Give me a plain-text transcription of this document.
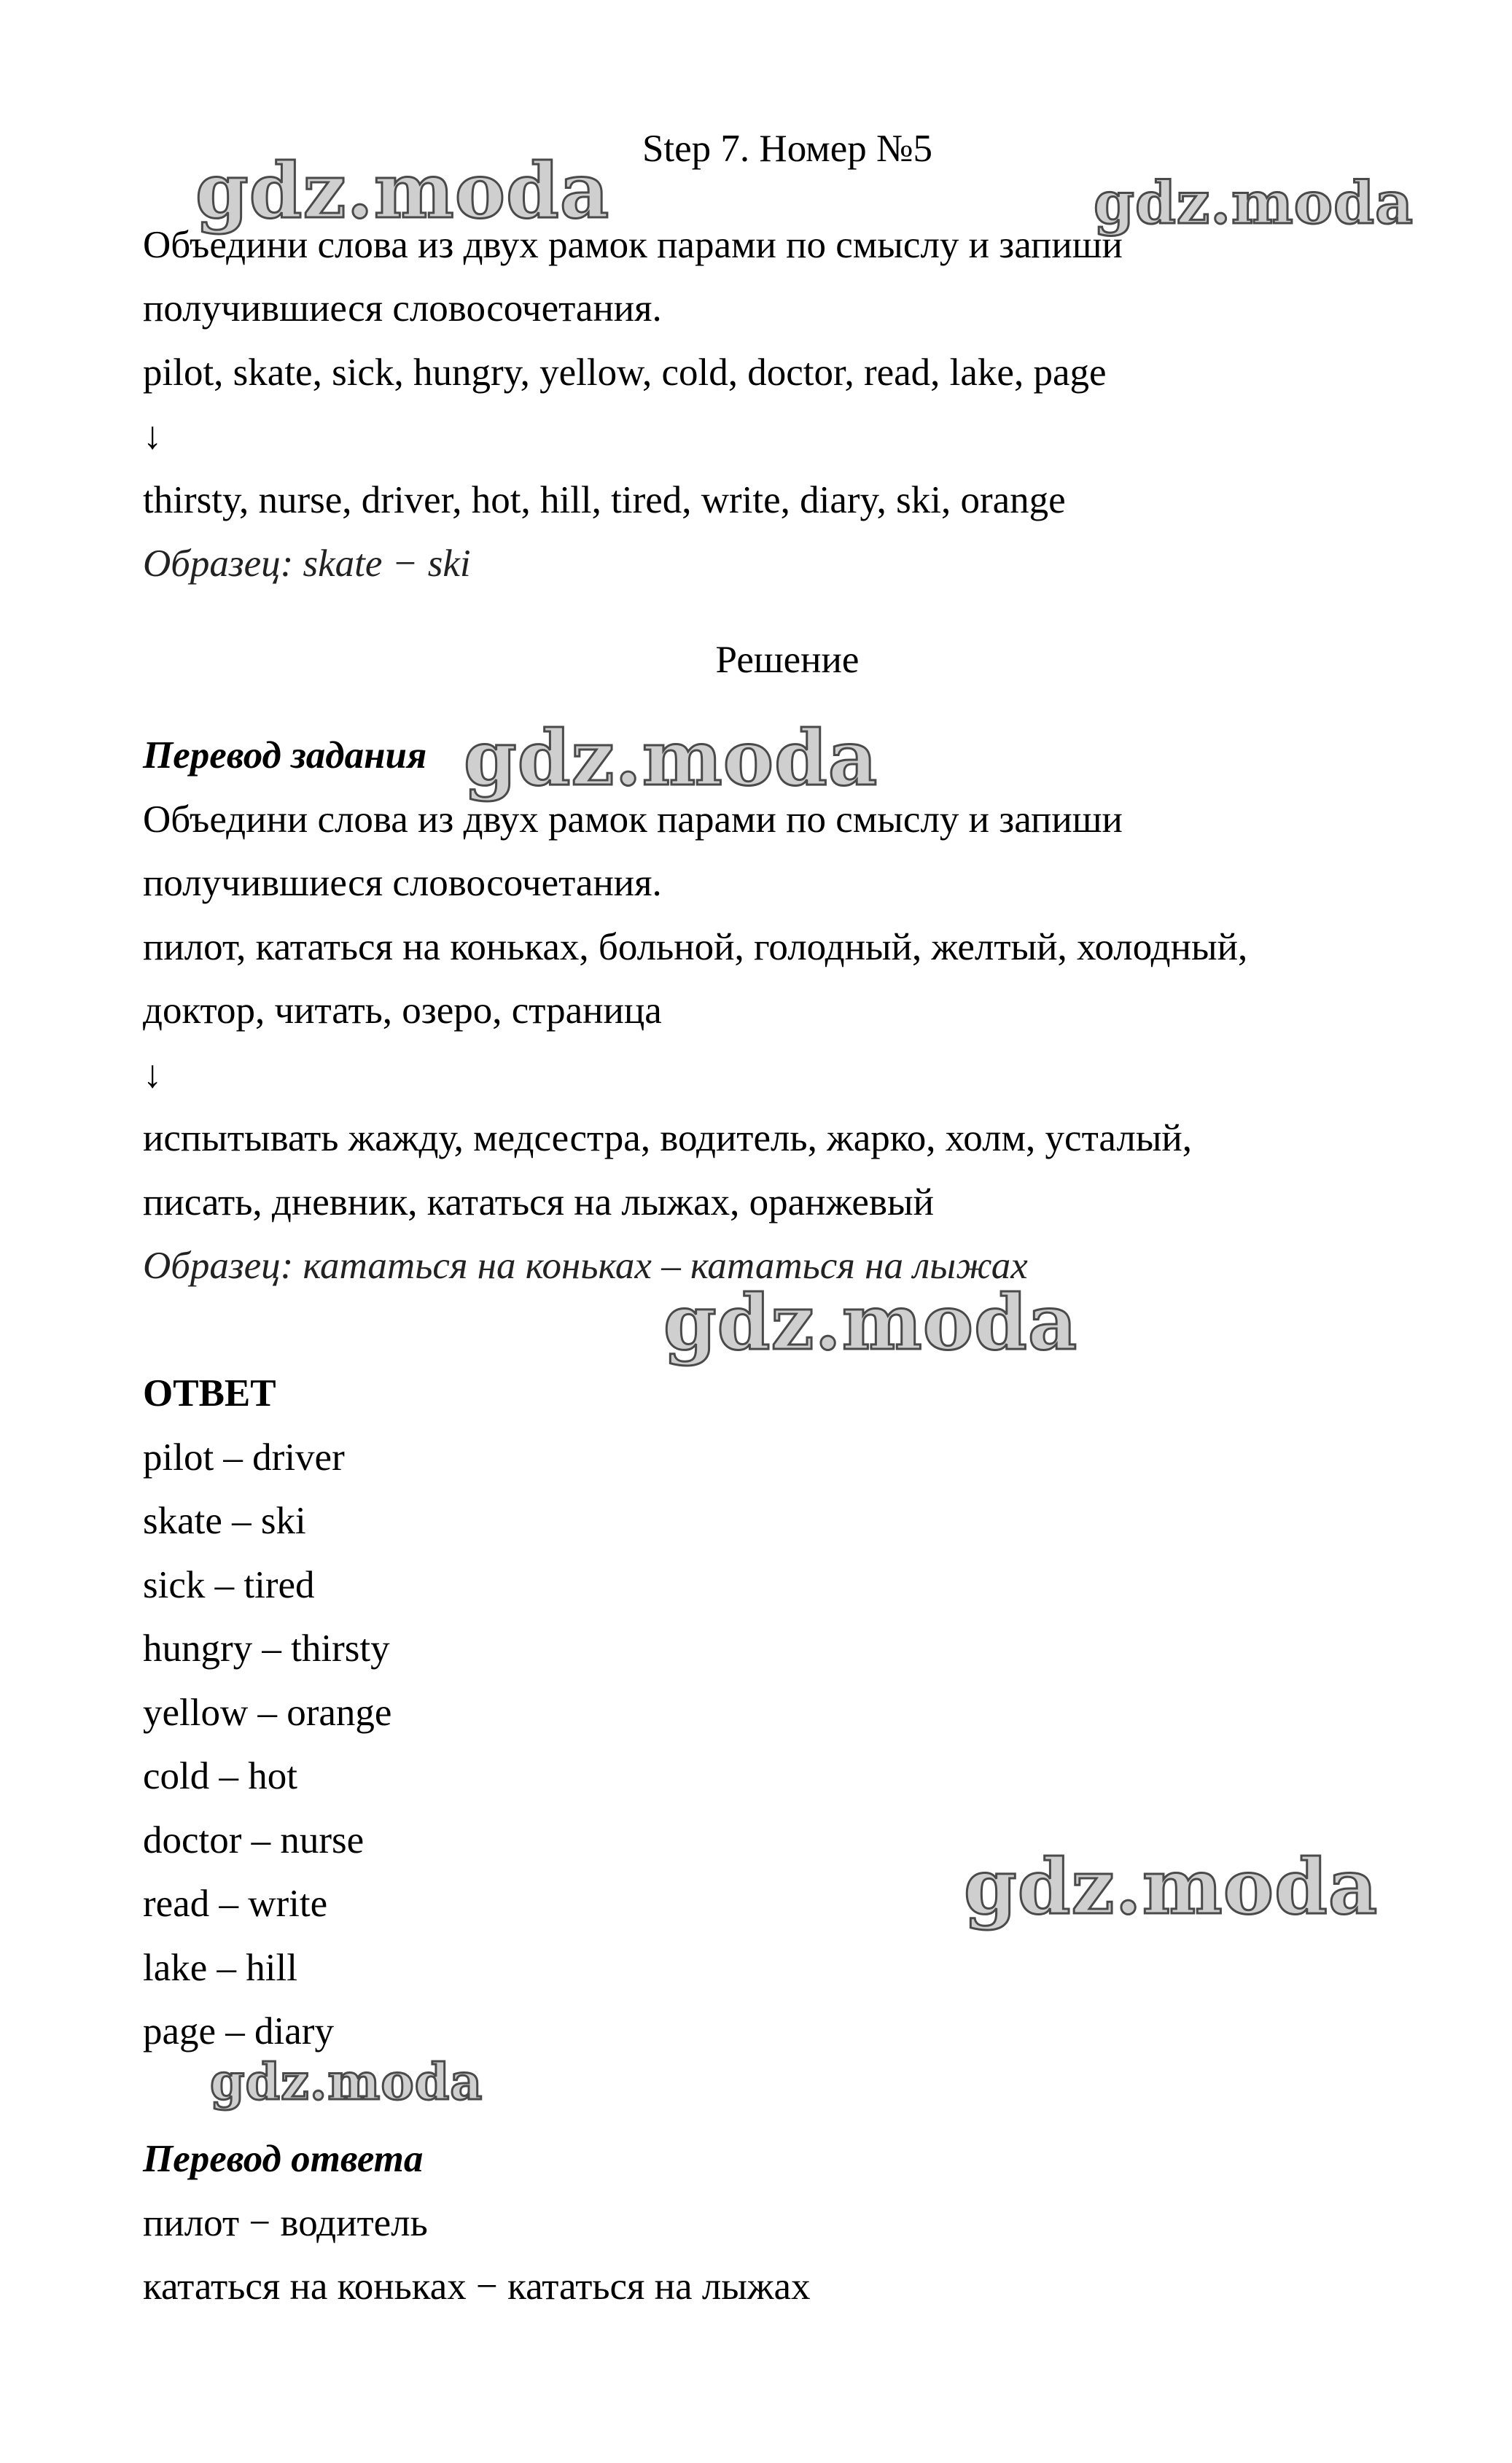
Step 7. Номер №5
Объедини слова из двух рамок парами по смыслу и запиши
получившиеся словосочетания.
pilot, skate, sick, hungry, yellow, cold, doctor, read, lake, page
↓
thirsty, nurse, driver, hot, hill, tired, write, diary, ski, orange
Образец: skate − ski
Решение
Перевод задания
Объедини слова из двух рамок парами по смыслу и запиши
получившиеся словосочетания.
пилот, кататься на коньках, больной, голодный, желтый, холодный,
доктор, читать, озеро, страница
↓
испытывать жажду, медсестра, водитель, жарко, холм, усталый,
писать, дневник, кататься на лыжах, оранжевый
Образец: кататься на коньках – кататься на лыжах
ОТВЕТ
pilot – driver
skate – ski
sick – tired
hungry – thirsty
yellow – orange
cold – hot
doctor – nurse
read – write
lake – hill
page – diary
Перевод ответа
пилот − водитель
кататься на коньках − кататься на лыжах
gdz.moda	gdz.moda
gdz.moda
gdz.moda
gdz.moda
gdz.moda
